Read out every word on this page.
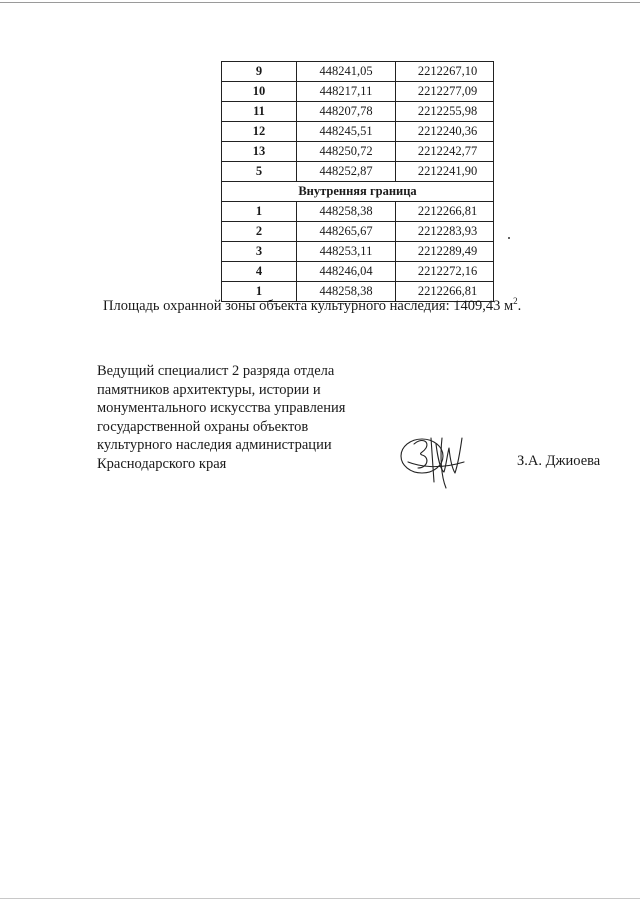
9	448241,05	2212267,10
10	448217,11	2212277,09
11	448207,78	2212255,98
12	448245,51	2212240,36
13	448250,72	2212242,77
5	448252,87	2212241,90
Внутренняя граница		
1	448258,38	2212266,81
2	448265,67	2212283,93
3	448253,11	2212289,49
4	448246,04	2212272,16
1	448258,38	2212266,81
Площадь охранной зоны объекта культурного наследия: 1409,43 $м^2$.
Ведущий специалист 2 разряда отдела
памятников архитектуры, истории и
монументального искусства управления
государственной охраны объектов
культурного наследия администрации
Краснодарского края	З.А. Джиоева
